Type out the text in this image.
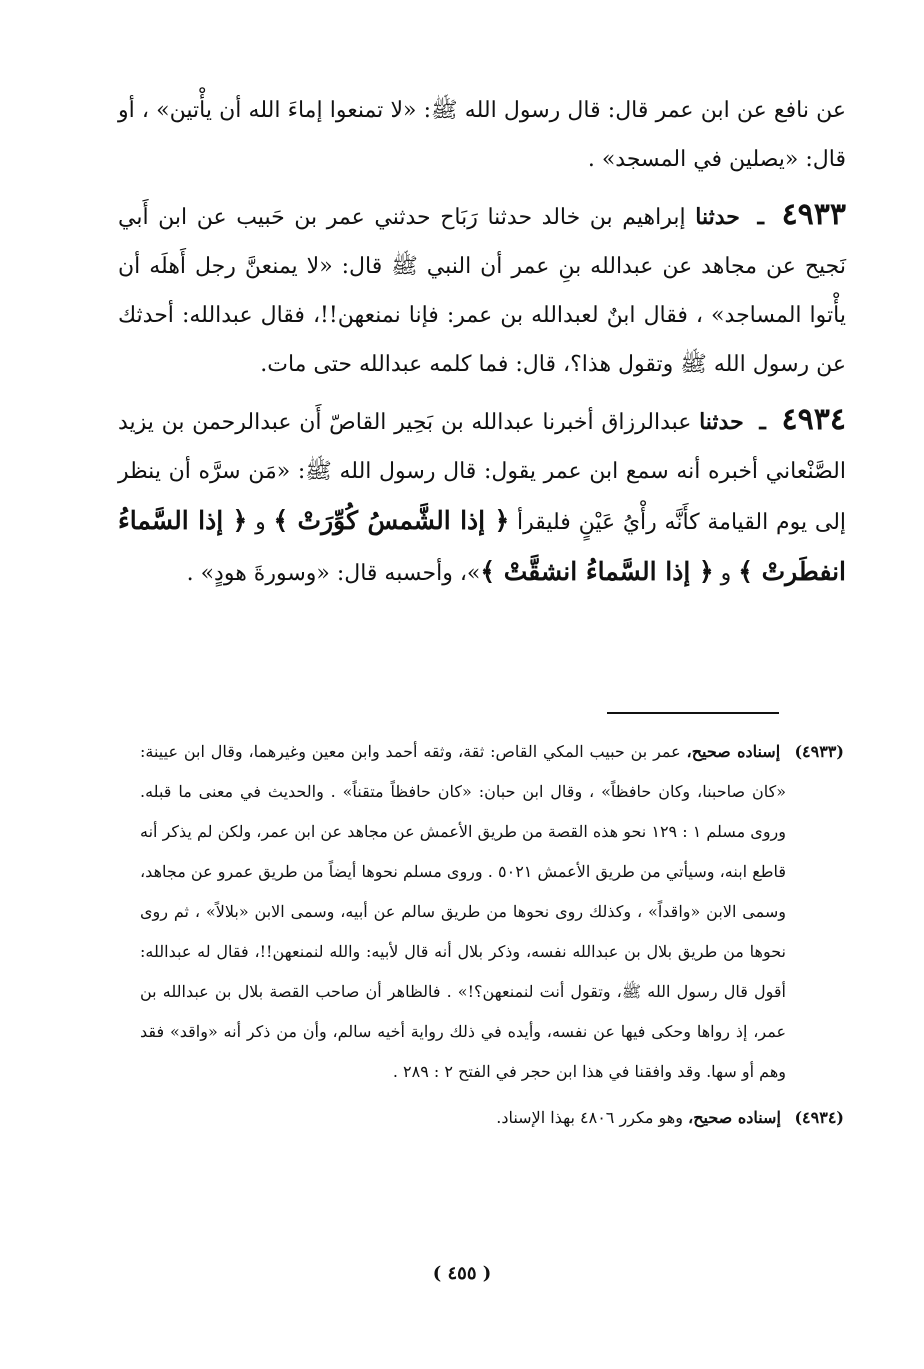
عن نافع عن ابن عمر قال: قال رسول الله ﷺ: «لا تمنعوا إماءَ الله أن يأْتين» ، أو قال: «يصلين في المسجد» .

٤٩٣٣ ـ حدثنا إبراهيم بن خالد حدثنا رَبَاح حدثني عمر بن حَبيب عن ابن أَبي نَجيح عن مجاهد عن عبدالله بنِ عمر أن النبي ﷺ قال: «لا يمنعنَّ رجل أَهلَه أن يأْتوا المساجد» ، فقال ابنٌ لعبدالله بن عمر: فإنا نمنعهن!!، فقال عبدالله: أحدثك عن رسول الله ﷺ وتقول هذا؟، قال: فما كلمه عبدالله حتى مات.

٤٩٣٤ ـ حدثنا عبدالرزاق أخبرنا عبدالله بن بَحِير القاصّ أَن عبدالرحمن بن يزيد الصَّنْعاني أخبره أنه سمع ابن عمر يقول: قال رسول الله ﷺ: «مَن سرَّه أن ينظر إلى يوم القيامة كأَنَّه رأْيُ عَيْنٍ فليقرأ ﴿ إذا الشَّمسُ كُوِّرَتْ ﴾ و ﴿ إذا السَّماءُ انفطَرتْ ﴾ و ﴿ إذا السَّماءُ انشقَّتْ ﴾»، وأحسبه قال: «وسورةَ هودٍ» .

(٤٩٣٣) إسناده صحيح، عمر بن حبيب المكي القاص: ثقة، وثقه أحمد وابن معين وغيرهما، وقال ابن عيينة: «كان صاحبنا، وكان حافظاً» ، وقال ابن حبان: «كان حافظاً متقناً» . والحديث في معنى ما قبله. وروى مسلم ١ : ١٢٩ نحو هذه القصة من طريق الأعمش عن مجاهد عن ابن عمر، ولكن لم يذكر أنه قاطع ابنه، وسيأتي من طريق الأعمش ٥٠٢١ . وروى مسلم نحوها أيضاً من طريق عمرو عن مجاهد، وسمى الابن «واقداً» ، وكذلك روى نحوها من طريق سالم عن أبيه، وسمى الابن «بلالاً» ، ثم روى نحوها من طريق بلال بن عبدالله نفسه، وذكر بلال أنه قال لأبيه: والله لنمنعهن!!، فقال له عبدالله: أقول قال رسول الله ﷺ، وتقول أنت لنمنعهن؟!» . فالظاهر أن صاحب القصة بلال بن عبدالله بن عمر، إذ رواها وحكى فيها عن نفسه، وأيده في ذلك رواية أخيه سالم، وأن من ذكر أنه «واقد» فقد وهم أو سها. وقد وافقنا في هذا ابن حجر في الفتح ٢ : ٢٨٩ .

(٤٩٣٤) إسناده صحيح، وهو مكرر ٤٨٠٦ بهذا الإسناد.

( ٤٥٥ )
